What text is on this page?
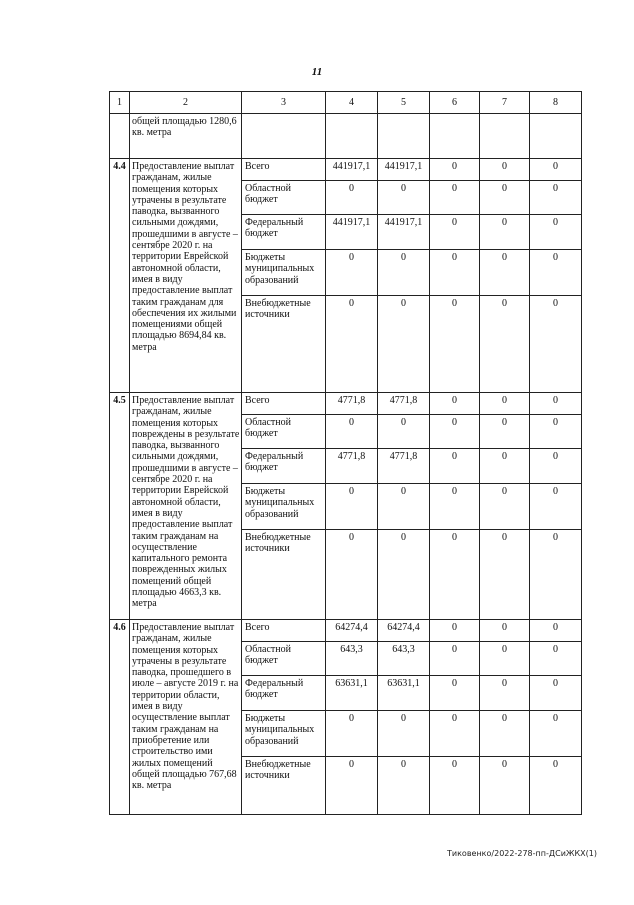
11
1	2	3	4	5	6	7	8
	общей площадью 1280,6 кв. метра						
4.4	Предоставление выплат гражданам, жилые помещения которых утрачены в результате паводка, вызванного сильными дождями, прошедшими в августе – сентябре 2020 г. на территории Еврейской автономной области, имея в виду предоставление выплат таким гражданам для обеспечения их жилыми помещениями общей площадью 8694,84 кв. метра	Всего	441917,1	441917,1	0	0	0
		Областной бюджет	0	0	0	0	0
		Федеральный бюджет	441917,1	441917,1	0	0	0
		Бюджеты муниципальных образований	0	0	0	0	0
		Внебюджетные источники	0	0	0	0	0
4.5	Предоставление выплат гражданам, жилые помещения которых повреждены в результате паводка, вызванного сильными дождями, прошедшими в августе – сентябре 2020 г. на территории Еврейской автономной области, имея в виду предоставление выплат таким гражданам на осуществление капитального ремонта поврежденных жилых помещений общей площадью 4663,3 кв. метра	Всего	4771,8	4771,8	0	0	0
		Областной бюджет	0	0	0	0	0
		Федеральный бюджет	4771,8	4771,8	0	0	0
		Бюджеты муниципальных образований	0	0	0	0	0
		Внебюджетные источники	0	0	0	0	0
4.6	Предоставление выплат гражданам, жилые помещения которых утрачены в результате паводка, прошедшего в июле – августе 2019 г. на территории области, имея в виду осуществление выплат таким гражданам на приобретение или строительство ими жилых помещений общей площадью 767,68 кв. метра	Всего	64274,4	64274,4	0	0	0
		Областной бюджет	643,3	643,3	0	0	0
		Федеральный бюджет	63631,1	63631,1	0	0	0
		Бюджеты муниципальных образований	0	0	0	0	0
		Внебюджетные источники	0	0	0	0	0
Тиковенко/2022-278-пп-ДСиЖКХ(1)
